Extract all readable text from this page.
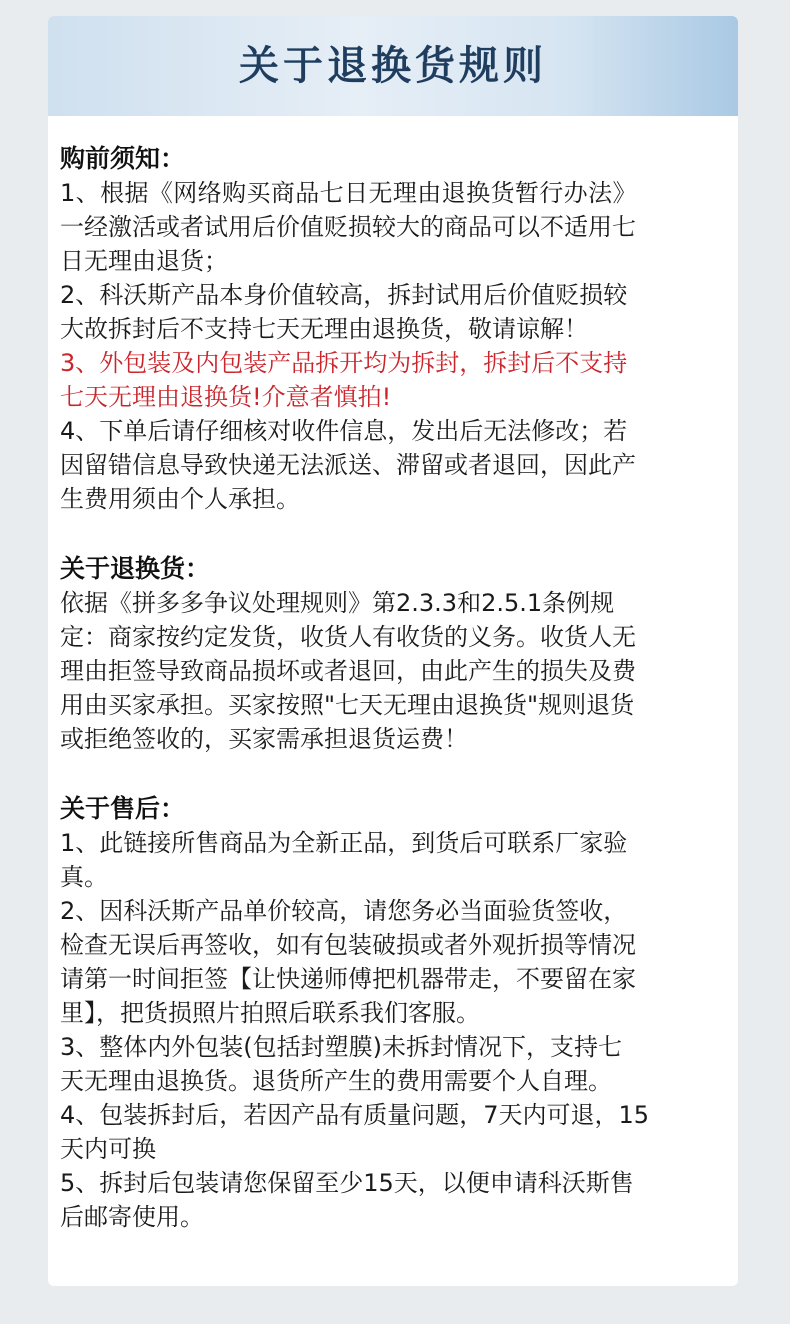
关于退换货规则
购前须知：
1、根据《网络购买商品七日无理由退换货暂行办法》
一经激活或者试用后价值贬损较大的商品可以不适用七
日无理由退货；
2、科沃斯产品本身价值较高，拆封试用后价值贬损较
大故拆封后不支持七天无理由退换货，敬请谅解！
3、外包装及内包装产品拆开均为拆封，拆封后不支持
七天无理由退换货!介意者慎拍!
4、下单后请仔细核对收件信息，发出后无法修改；若
因留错信息导致快递无法派送、滞留或者退回，因此产
生费用须由个人承担。
关于退换货：
依据《拼多多争议处理规则》第2.3.3和2.5.1条例规
定：商家按约定发货，收货人有收货的义务。收货人无
理由拒签导致商品损坏或者退回，由此产生的损失及费
用由买家承担。买家按照"七天无理由退换货"规则退货
或拒绝签收的，买家需承担退货运费！
关于售后：
1、此链接所售商品为全新正品，到货后可联系厂家验
真。
2、因科沃斯产品单价较高，请您务必当面验货签收，
检查无误后再签收，如有包装破损或者外观折损等情况
请第一时间拒签【让快递师傅把机器带走，不要留在家
里】，把货损照片拍照后联系我们客服。
3、整体内外包装(包括封塑膜)未拆封情况下，支持七
天无理由退换货。退货所产生的费用需要个人自理。
4、包装拆封后，若因产品有质量问题，7天内可退，15
天内可换
5、拆封后包装请您保留至少15天，以便申请科沃斯售
后邮寄使用。
